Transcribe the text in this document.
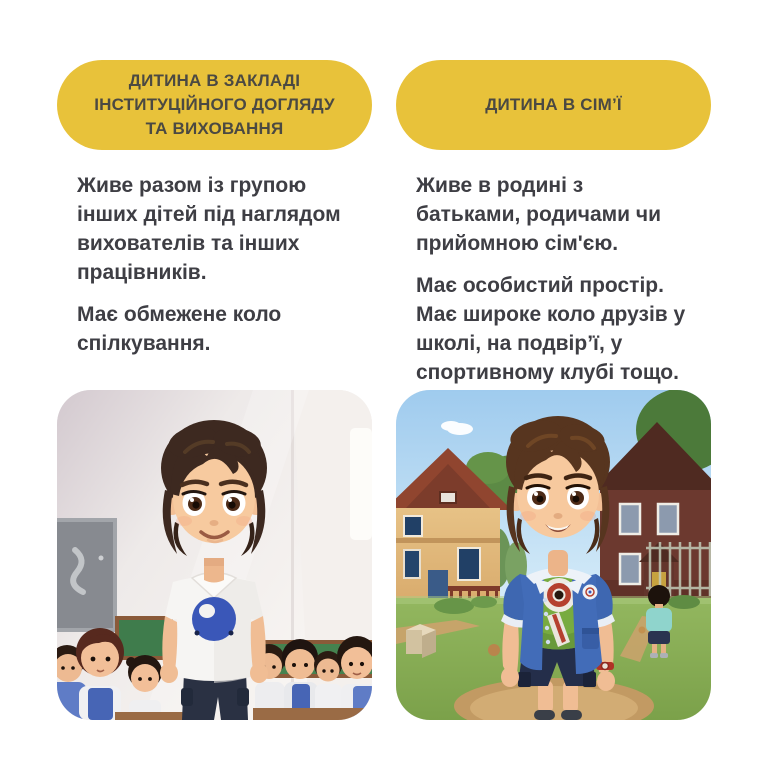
ДИТИНА В ЗАКЛАДІ
ІНСТИТУЦІЙНОГО ДОГЛЯДУ
ТА ВИХОВАННЯ
Живе разом із групою
інших дітей під наглядом
вихователів та інших
працівників.
Має обмежене коло
спілкування.
ДИТИНА В СІМ’Ї
Живе в родині з
батьками, родичами чи
прийомною сім'єю.
Має особистий простір.
Має широке коло друзів у
школі, на подвір’ї, у
спортивному клубі тощо.
